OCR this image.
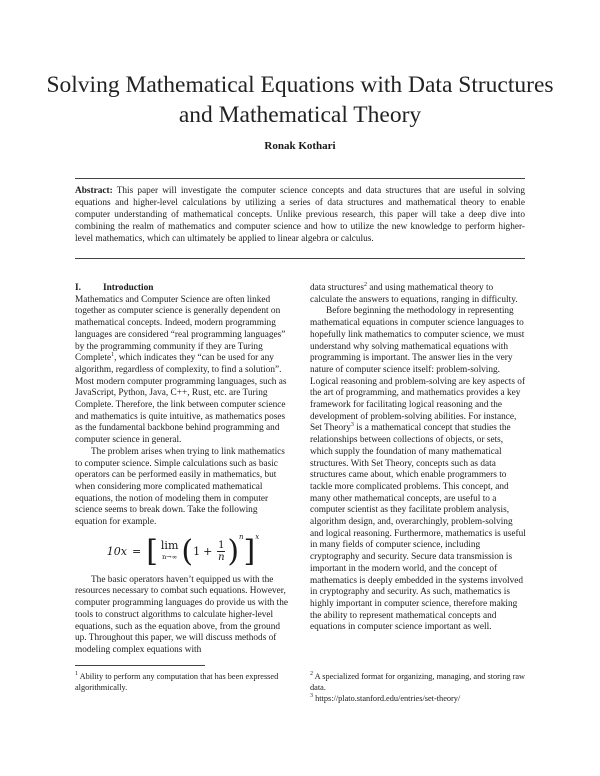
Solving Mathematical Equations with Data Structures and Mathematical Theory
Ronak Kothari
Abstract: This paper will investigate the computer science concepts and data structures that are useful in solving equations and higher-level calculations by utilizing a series of data structures and mathematical theory to enable computer understanding of mathematical concepts. Unlike previous research, this paper will take a deep dive into combining the realm of mathematics and computer science and how to utilize the new knowledge to perform higher-level mathematics, which can ultimately be applied to linear algebra or calculus.

I. Introduction

Mathematics and Computer Science are often linked together as computer science is generally dependent on mathematical concepts. Indeed, modern programming languages are considered “real programming languages” by the programming community if they are Turing Complete$^1$, which indicates they “can be used for any algorithm, regardless of complexity, to find a solution”. Most modern computer programming languages, such as JavaScript, Python, Java, C++, Rust, etc. are Turing Complete. Therefore, the link between computer science and mathematics is quite intuitive, as mathematics poses as the fundamental backbone behind programming and computer science in general.

The problem arises when trying to link mathematics to computer science. Simple calculations such as basic operators can be performed easily in mathematics, but when considering more complicated mathematical equations, the notion of modeling them in computer science seems to break down. Take the following equation for example.

10x = [ lim
n→∞ ( $1 + \frac{1}{n}$ ) n ] x

The basic operators haven’t equipped us with the resources necessary to combat such equations. However, computer programming languages do provide us with the tools to construct algorithms to calculate higher-level equations, such as the equation above, from the ground up. Throughout this paper, we will discuss methods of modeling complex equations with

data structures$^2$ and using mathematical theory to calculate the answers to equations, ranging in difficulty.

Before beginning the methodology in representing mathematical equations in computer science languages to hopefully link mathematics to computer science, we must understand why solving mathematical equations with programming is important. The answer lies in the very nature of computer science itself: problem-solving. Logical reasoning and problem-solving are key aspects of the art of programming, and mathematics provides a key framework for facilitating logical reasoning and the development of problem-solving abilities. For instance, Set Theory$^3$ is a mathematical concept that studies the relationships between collections of objects, or sets, which supply the foundation of many mathematical structures. With Set Theory, concepts such as data structures came about, which enable programmers to tackle more complicated problems. This concept, and many other mathematical concepts, are useful to a computer scientist as they facilitate problem analysis, algorithm design, and, overarchingly, problem-solving and logical reasoning. Furthermore, mathematics is useful in many fields of computer science, including cryptography and security. Secure data transmission is important in the modern world, and the concept of mathematics is deeply embedded in the systems involved in cryptography and security. As such, mathematics is highly important in computer science, therefore making the ability to represent mathematical concepts and equations in computer science important as well.

$^1$ Ability to perform any computation that has been expressed algorithmically.
$^2$ A specialized format for organizing, managing, and storing raw data.
$^3$ https://plato.stanford.edu/entries/set-theory/
